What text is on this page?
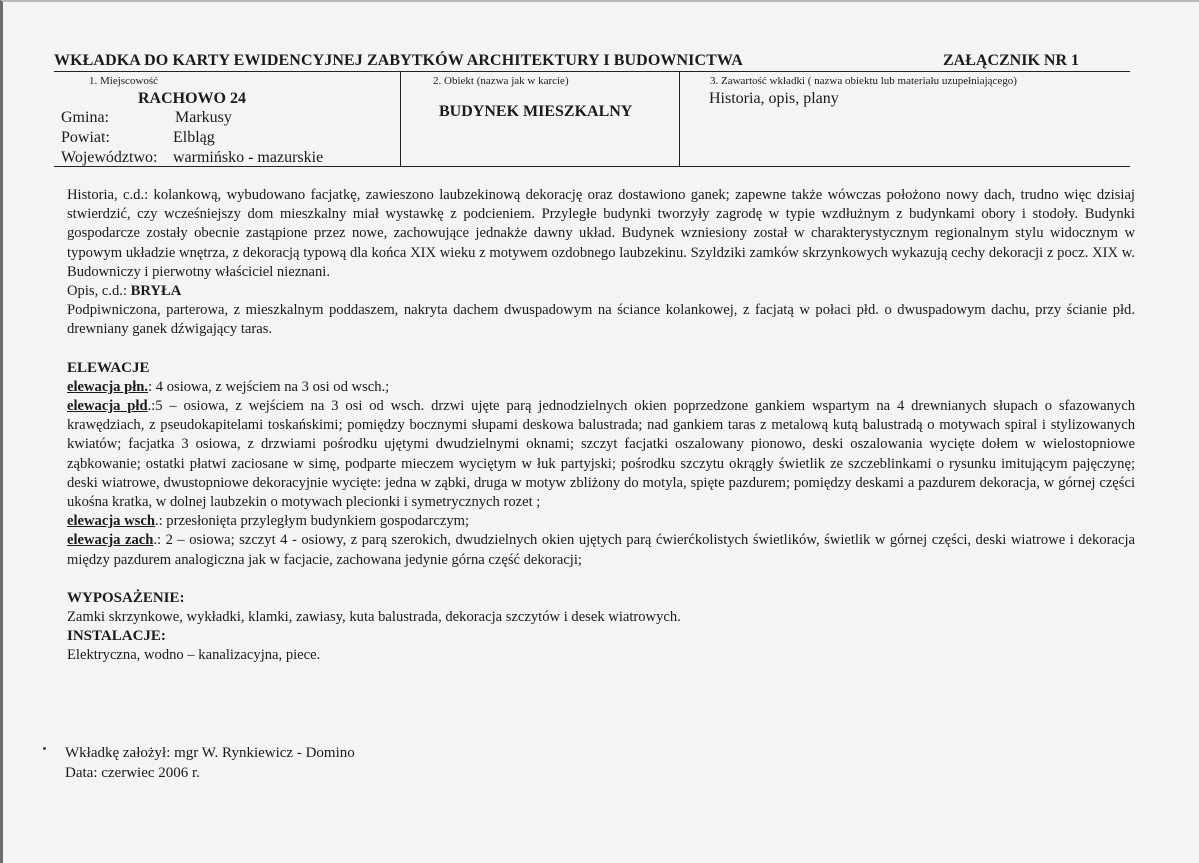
WKŁADKA DO KARTY EWIDENCYJNEJ ZABYTKÓW ARCHITEKTURY I BUDOWNICTWA	ZAŁĄCZNIK NR 1
1. Miejscowość
RACHOWO 24
Gmina:	Markusy
Powiat:	Elbląg
Województwo: warmińsko - mazurskie
2. Obiekt (nazwa jak w karcie)
BUDYNEK MIESZKALNY
3. Zawartość wkładki ( nazwa obiektu lub materiału uzupełniającego)
Historia, opis, plany

Historia, c.d.: kolankową, wybudowano facjatkę, zawieszono laubzekinową dekorację oraz dostawiono ganek; zapewne także wówczas położono nowy dach, trudno więc dzisiaj stwierdzić, czy wcześniejszy dom mieszkalny miał wystawkę z podcieniem. Przyległe budynki tworzyły zagrodę w typie wzdłużnym z budynkami obory i stodoły. Budynki gospodarcze zostały obecnie zastąpione przez nowe, zachowujące jednakże dawny układ. Budynek wzniesiony został w charakterystycznym regionalnym stylu widocznym w typowym układzie wnętrza, z dekoracją typową dla końca XIX wieku z motywem ozdobnego laubzekinu. Szyldziki zamków skrzynkowych wykazują cechy dekoracji z pocz. XIX w. Budowniczy i pierwotny właściciel nieznani.

Opis, c.d.: BRYŁA

Podpiwniczona, parterowa, z mieszkalnym poddaszem, nakryta dachem dwuspadowym na ściance kolankowej, z facjatą w połaci płd. o dwuspadowym dachu, przy ścianie płd. drewniany ganek dźwigający taras.

ELEWACJE

elewacja płn.: 4 osiowa, z wejściem na 3 osi od wsch.;

elewacja płd.:5 – osiowa, z wejściem na 3 osi od wsch. drzwi ujęte parą jednodzielnych okien poprzedzone gankiem wspartym na 4 drewnianych słupach o sfazowanych krawędziach, z pseudokapitelami toskańskimi; pomiędzy bocznymi słupami deskowa balustrada; nad gankiem taras z metalową kutą balustradą o motywach spiral i stylizowanych kwiatów; facjatka 3 osiowa, z drzwiami pośrodku ujętymi dwudzielnymi oknami; szczyt facjatki oszalowany pionowo, deski oszalowania wycięte dołem w wielostopniowe ząbkowanie; ostatki płatwi zaciosane w simę, podparte mieczem wyciętym w łuk partyjski; pośrodku szczytu okrągły świetlik ze szczeblinkami o rysunku imitującym pajęczynę; deski wiatrowe, dwustopniowe dekoracyjnie wycięte: jedna w ząbki, druga w motyw zbliżony do motyla, spięte pazdurem; pomiędzy deskami a pazdurem dekoracja, w górnej części ukośna kratka, w dolnej laubzekin o motywach plecionki i symetrycznych rozet ;

elewacja wsch.: przesłonięta przyległym budynkiem gospodarczym;

elewacja zach.: 2 – osiowa; szczyt 4 - osiowy, z parą szerokich, dwudzielnych okien ujętych parą ćwierćkolistych świetlików, świetlik w górnej części, deski wiatrowe i dekoracja między pazdurem analogiczna jak w facjacie, zachowana jedynie górna część dekoracji;

WYPOSAŻENIE:

Zamki skrzynkowe, wykładki, klamki, zawiasy, kuta balustrada, dekoracja szczytów i desek wiatrowych.

INSTALACJE:

Elektryczna, wodno – kanalizacyjna, piece.

Wkładkę założył: mgr W. Rynkiewicz - Domino
Data: czerwiec 2006 r.
